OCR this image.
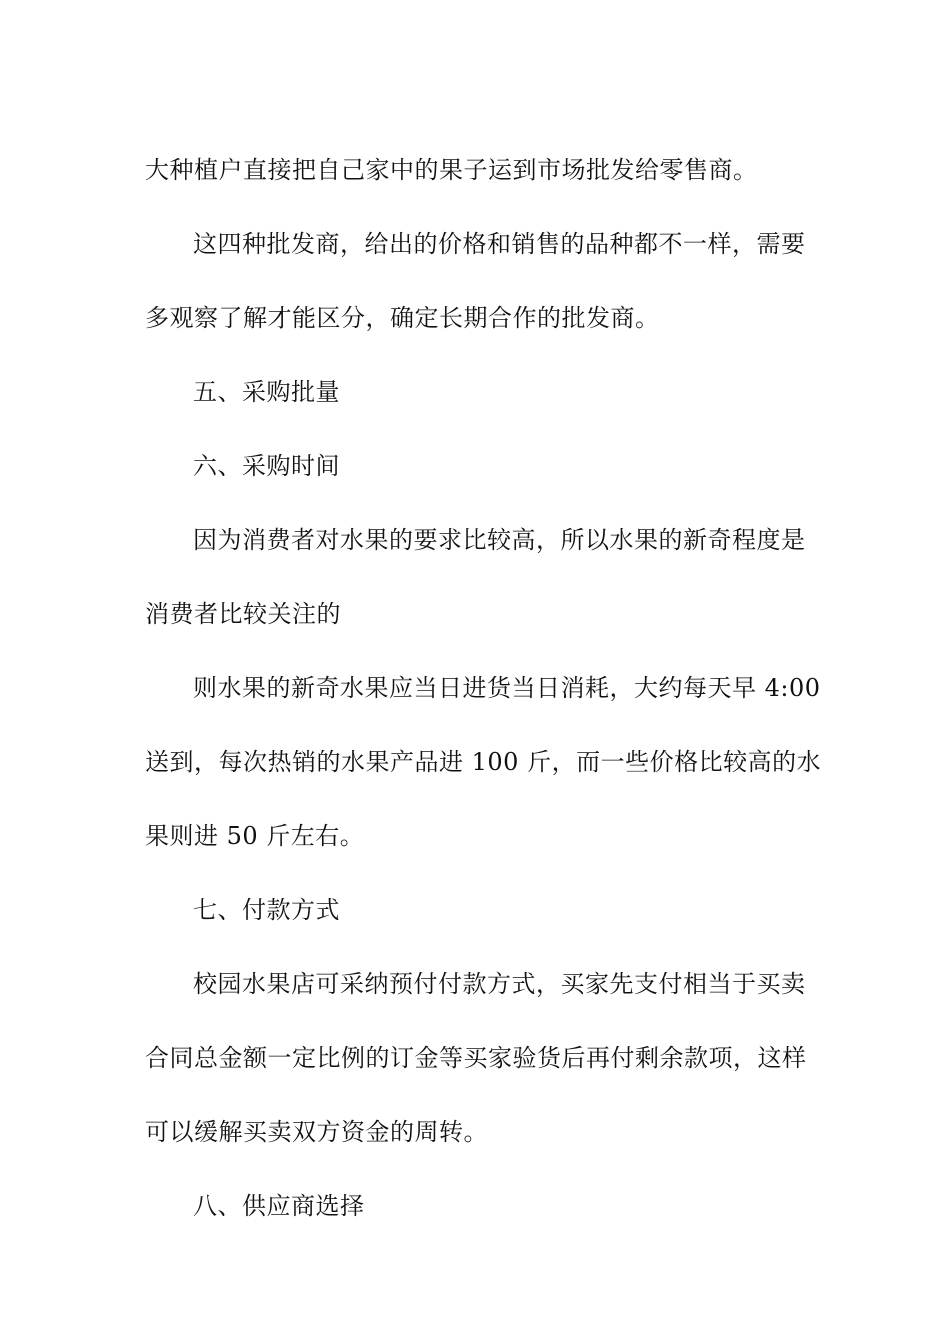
大种植户直接把自己家中的果子运到市场批发给零售商。

这四种批发商，给出的价格和销售的品种都不一样，需要

多观察了解才能区分，确定长期合作的批发商。

五、采购批量

六、采购时间

因为消费者对水果的要求比较高，所以水果的新奇程度是

消费者比较关注的

则水果的新奇水果应当日进货当日消耗，大约每天早 4:00

送到，每次热销的水果产品进 100 斤，而一些价格比较高的水

果则进 50 斤左右。

七、付款方式

校园水果店可采纳预付付款方式，买家先支付相当于买卖

合同总金额一定比例的订金等买家验货后再付剩余款项，这样

可以缓解买卖双方资金的周转。

八、供应商选择
